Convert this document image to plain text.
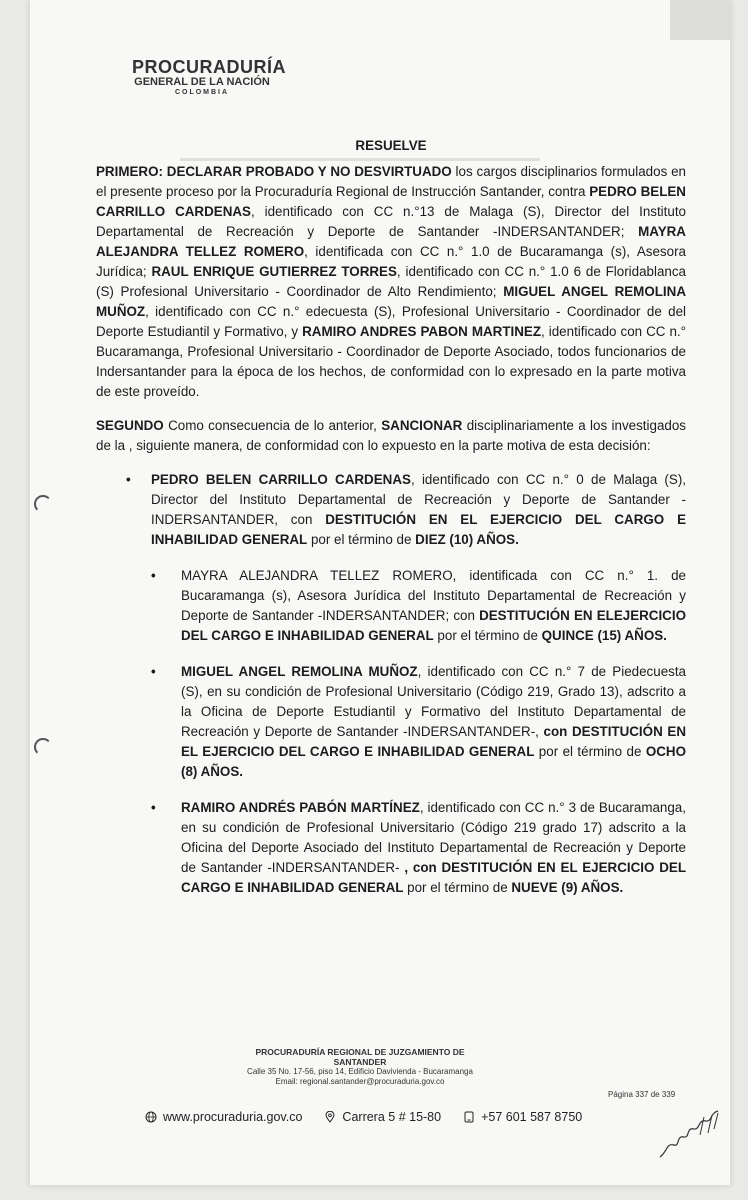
PROCURADURÍA
GENERAL DE LA NACIÓN
COLOMBIA
RESUELVE

PRIMERO: DECLARAR PROBADO Y NO DESVIRTUADO los cargos disciplinarios formulados en el presente proceso por la Procuraduría Regional de Instrucción Santander, contra PEDRO BELEN CARRILLO CARDENAS, identificado con CC n.°13 de Malaga (S), Director del Instituto Departamental de Recreación y Deporte de Santander -INDERSANTANDER; MAYRA ALEJANDRA TELLEZ ROMERO, identificada con CC n.° 1.0 de Bucaramanga (s), Asesora Jurídica; RAUL ENRIQUE GUTIERREZ TORRES, identificado con CC n.° 1.0 6 de Floridablanca (S) Profesional Universitario - Coordinador de Alto Rendimiento; MIGUEL ANGEL REMOLINA MUÑOZ, identificado con CC n.° edecuesta (S), Profesional Universitario - Coordinador de del Deporte Estudiantil y Formativo, y RAMIRO ANDRES PABON MARTINEZ, identificado con CC n.° Bucaramanga, Profesional Universitario - Coordinador de Deporte Asociado, todos funcionarios de Indersantander para la época de los hechos, de conformidad con lo expresado en la parte motiva de este proveído.

SEGUNDO Como consecuencia de lo anterior, SANCIONAR disciplinariamente a los investigados de la , siguiente manera, de conformidad con lo expuesto en la parte motiva de esta decisión:

• PEDRO BELEN CARRILLO CARDENAS, identificado con CC n.° 0 de Malaga (S), Director del Instituto Departamental de Recreación y Deporte de Santander -INDERSANTANDER, con DESTITUCIÓN EN EL EJERCICIO DEL CARGO E INHABILIDAD GENERAL por el término de DIEZ (10) AÑOS.
• MAYRA ALEJANDRA TELLEZ ROMERO, identificada con CC n.° 1. de Bucaramanga (s), Asesora Jurídica del Instituto Departamental de Recreación y Deporte de Santander -INDERSANTANDER; con DESTITUCIÓN EN ELEJERCICIO DEL CARGO E INHABILIDAD GENERAL por el término de QUINCE (15) AÑOS.
• MIGUEL ANGEL REMOLINA MUÑOZ, identificado con CC n.° 7 de Piedecuesta (S), en su condición de Profesional Universitario (Código 219, Grado 13), adscrito a la Oficina de Deporte Estudiantil y Formativo del Instituto Departamental de Recreación y Deporte de Santander -INDERSANTANDER-, con DESTITUCIÓN EN EL EJERCICIO DEL CARGO E INHABILIDAD GENERAL por el término de OCHO (8) AÑOS.
• RAMIRO ANDRÉS PABÓN MARTÍNEZ, identificado con CC n.° 3 de Bucaramanga, en su condición de Profesional Universitario (Código 219 grado 17) adscrito a la Oficina del Deporte Asociado del Instituto Departamental de Recreación y Deporte de Santander -INDERSANTANDER- , con DESTITUCIÓN EN EL EJERCICIO DEL CARGO E INHABILIDAD GENERAL por el término de NUEVE (9) AÑOS.
PROCURADURÍA REGIONAL DE JUZGAMIENTO DE SANTANDER
Calle 35 No. 17-56, piso 14, Edificio Davivienda - Bucaramanga
Email: regional.santander@procuraduria.gov.co
Página 337 de 339
www.procuraduria.gov.co	Carrera 5 # 15-80	+57 601 587 8750
